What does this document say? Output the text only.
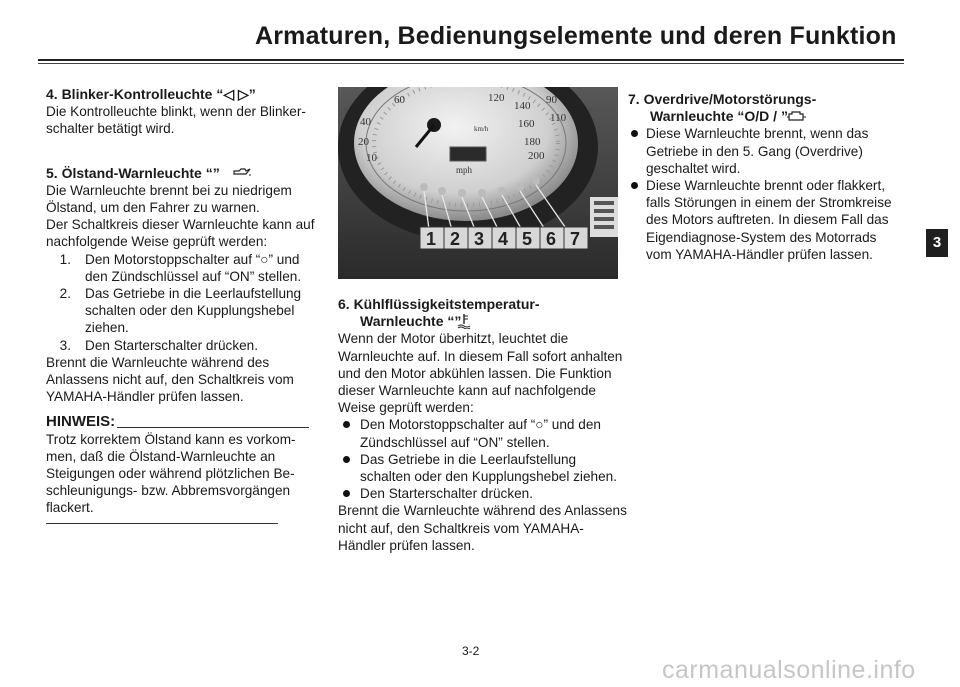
Armaturen, Bedienungselemente und deren Funktion

4. Blinker-Kontrolleuchte “◁ ▷”

Die Kontrolleuchte blinkt, wenn der Blinkerschalter betätigt wird.

5. Ölstand-Warnleuchte “”

Die Warnleuchte brennt bei zu niedrigem Ölstand, um den Fahrer zu warnen.

Der Schaltkreis dieser Warnleuchte kann auf nachfolgende Weise geprüft werden:

1. Den Motorstoppschalter auf “○” und den Zündschlüssel auf “ON” stellen.
2. Das Getriebe in die Leerlaufstellung schalten oder den Kupplungshebel ziehen.
3. Den Starterschalter drücken.

Brennt die Warnleuchte während des Anlassens nicht auf, den Schaltkreis vom YAMAHA-Händler prüfen lassen.

HINWEIS:

Trotz korrektem Ölstand kann es vorkommen, daß die Ölstand-Warnleuchte an Steigungen oder während plötzlichen Beschleunigungs- bzw. Abbremsvorgängen flackert.

40
20
10
60	120
140
160
180
200
mph
km/h
90
110
1 2 3 4 5 6 7

6. Kühlflüssigkeitstemperatur-

Warnleuchte “”

Wenn der Motor überhitzt, leuchtet die Warnleuchte auf. In diesem Fall sofort anhalten und den Motor abkühlen lassen. Die Funktion dieser Warnleuchte kann auf nachfolgende Weise geprüft werden:

Den Motorstoppschalter auf “○” und den Zündschlüssel auf “ON” stellen.
Das Getriebe in die Leerlaufstellung schalten oder den Kupplungshebel ziehen.
Den Starterschalter drücken.

Brennt die Warnleuchte während des Anlassens nicht auf, den Schaltkreis vom YAMAHA-Händler prüfen lassen.

7. Overdrive/Motorstörungs-

Warnleuchte “O/D / ”

Diese Warnleuchte brennt, wenn das Getriebe in den 5. Gang (Overdrive) geschaltet wird.
Diese Warnleuchte brennt oder flakkert, falls Störungen in einem der Stromkreise des Motors auftreten. In diesem Fall das Eigendiagnose-System des Motorrads vom YAMAHA-Händler prüfen lassen.
3
3-2
carmanualsonline.info
